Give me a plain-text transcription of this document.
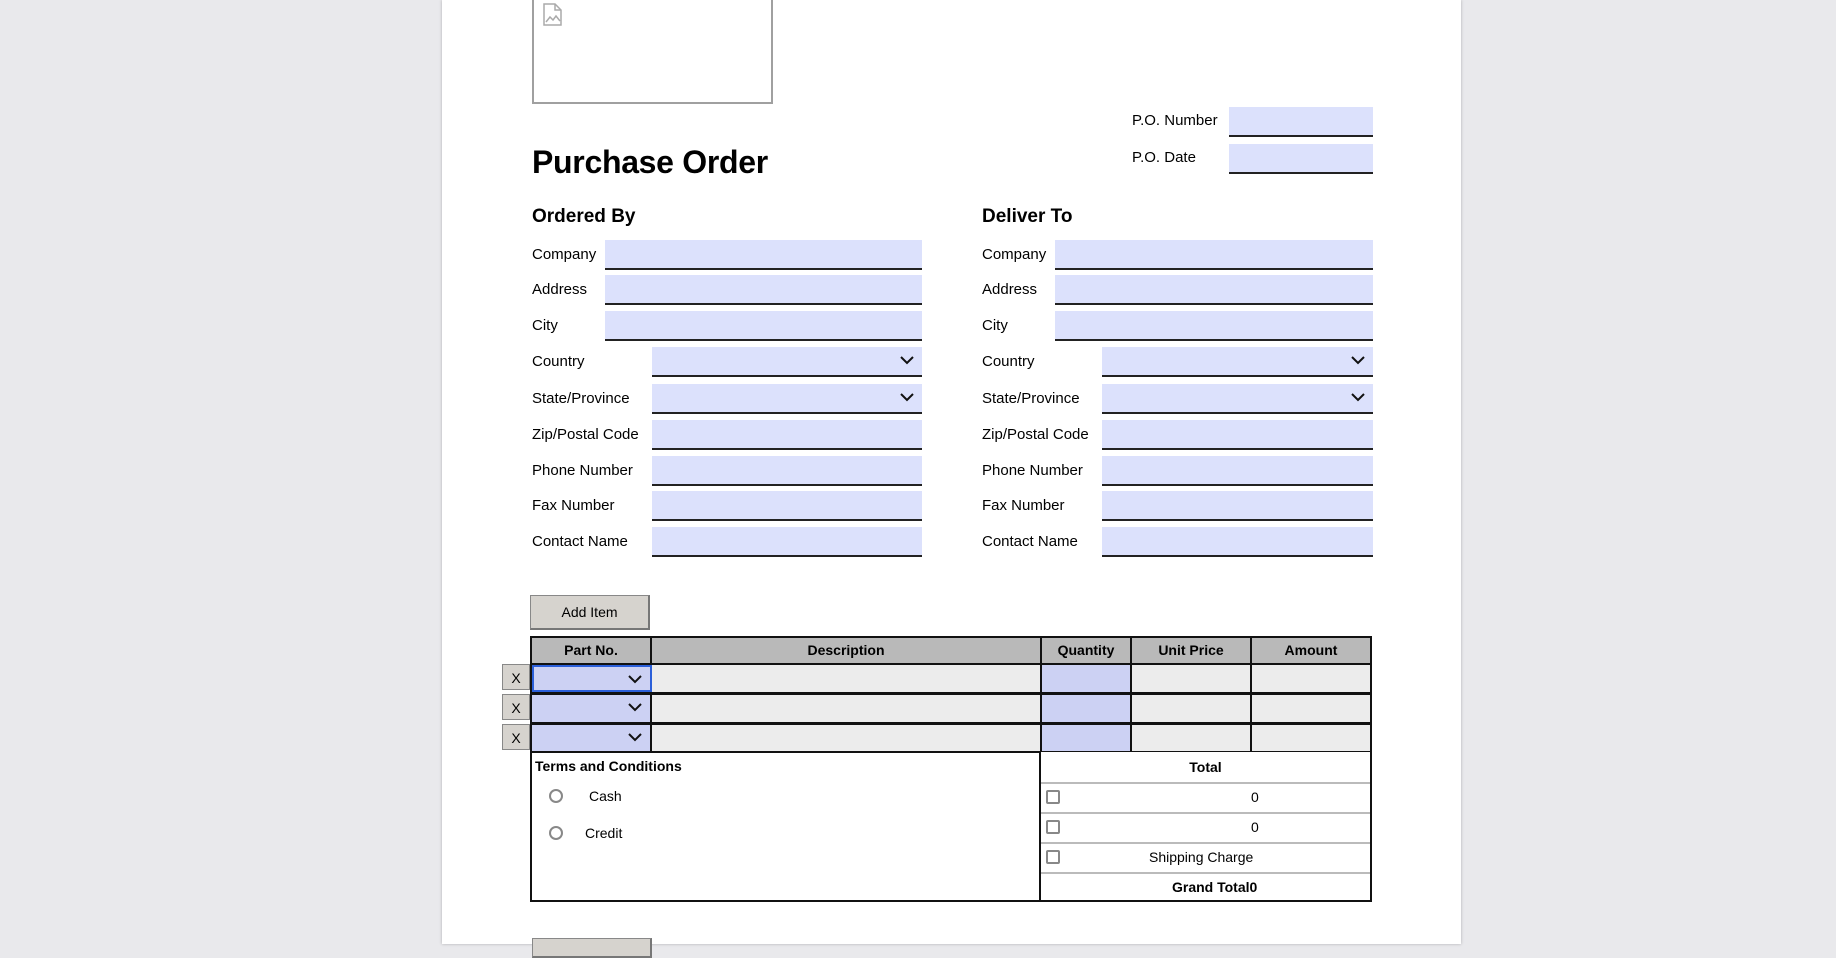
P.O. Number
P.O. Date
Purchase Order
Ordered By
Company
Address
City
Country
State/Province
Zip/Postal Code
Phone Number
Fax Number
Contact Name
Deliver To
Company
Address
City
Country
State/Province
Zip/Postal Code
Phone Number
Fax Number
Contact Name
Add Item
Part No.	Description	Quantity	Unit Price	Amount
X
X
X
Terms and Conditions
Cash
Credit
Total
0
0
Shipping Charge
Grand Total0
